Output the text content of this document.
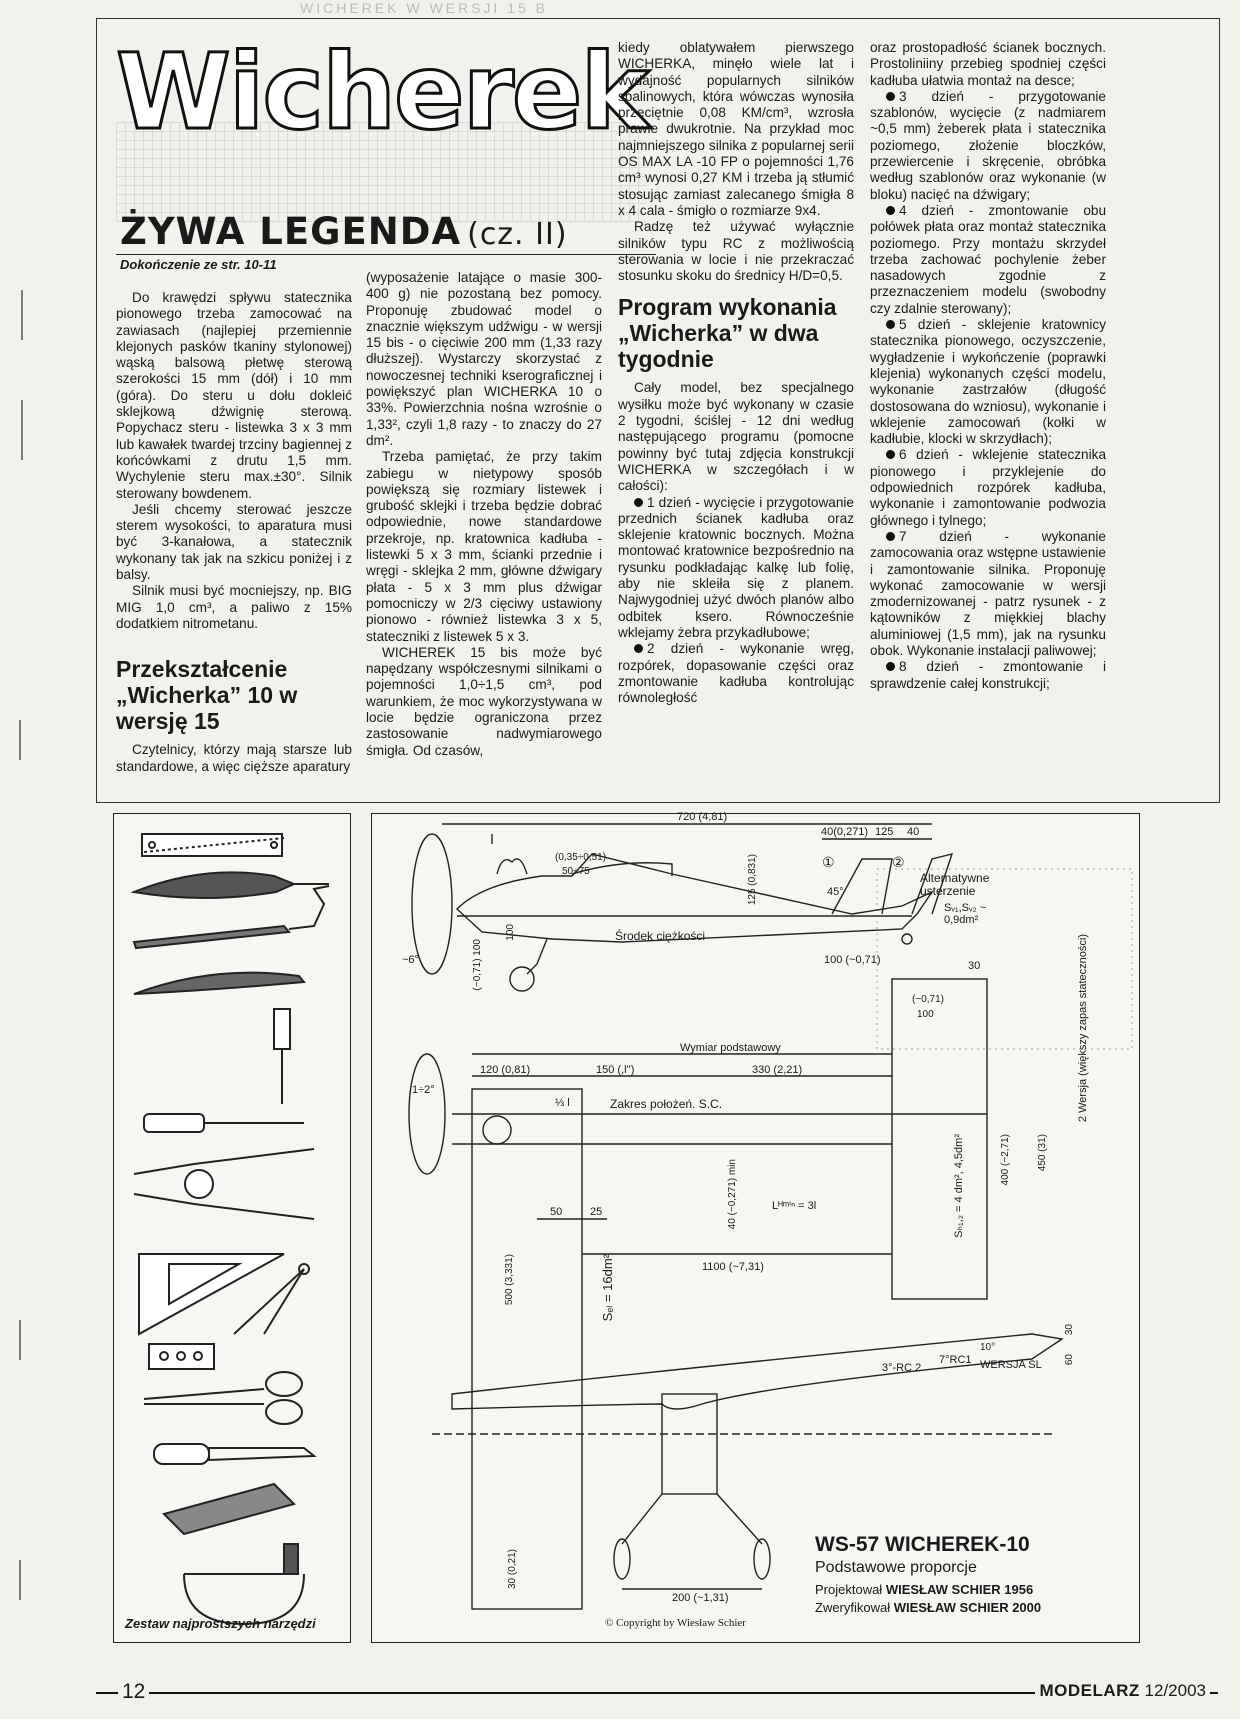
WICHEREK W WERSJI 15 B
Wicherek
ŻYWA LEGENDA (cz. II)
Dokończenie ze str. 10-11

Do krawędzi spływu statecznika pionowego trzeba zamocować na zawiasach (najlepiej przemiennie klejonych pasków tkaniny stylonowej) wąską balsową płetwę sterową szerokości 15 mm (dół) i 10 mm (góra). Do steru u dołu dokleić sklejkową dźwignię sterową. Popychacz steru - listewka 3 x 3 mm lub kawałek twardej trzciny bagiennej z końcówkami z drutu 1,5 mm. Wychylenie steru max.±30°. Silnik sterowany bowdenem.

Jeśli chcemy sterować jeszcze sterem wysokości, to aparatura musi być 3-kanałowa, a statecznik wykonany tak jak na szkicu poniżej i z balsy.

Silnik musi być mocniejszy, np. BIG MIG 1,0 cm³, a paliwo z 15% dodatkiem nitrometanu.

Przekształcenie „Wicherka” 10 w wersję 15

Czytelnicy, którzy mają starsze lub standardowe, a więc cięższe aparatury

(wyposażenie latające o masie 300-400 g) nie pozostaną bez pomocy. Proponuję zbudować model o znacznie większym udźwigu - w wersji 15 bis - o cięciwie 200 mm (1,33 razy dłuższej). Wystarczy skorzystać z nowoczesnej techniki kserograficznej i powiększyć plan WICHERKA 10 o 33%. Powierzchnia nośna wzrośnie o 1,33², czyli 1,8 razy - to znaczy do 27 dm².

Trzeba pamiętać, że przy takim zabiegu w nietypowy sposób powiększą się rozmiary listewek i grubość sklejki i trzeba będzie dobrać odpowiednie, nowe standardowe przekroje, np. kratownica kadłuba - listewki 5 x 3 mm, ścianki przednie i wręgi - sklejka 2 mm, główne dźwigary płata - 5 x 3 mm plus dźwigar pomocniczy w 2/3 cięciwy ustawiony pionowo - również listewka 3 x 5, stateczniki z listewek 5 x 3.

WICHEREK 15 bis może być napędzany współczesnymi silnikami o pojemności 1,0÷1,5 cm³, pod warunkiem, że moc wykorzystywana w locie będzie ograniczona przez zastosowanie nadwymiarowego śmigła. Od czasów,

kiedy oblatywałem pierwszego WICHERKA, minęło wiele lat i wydajność popularnych silników spalinowych, która wówczas wynosiła przeciętnie 0,08 KM/cm³, wzrosła prawie dwukrotnie. Na przykład moc najmniejszego silnika z popularnej serii OS MAX LA -10 FP o pojemności 1,76 cm³ wynosi 0,27 KM i trzeba ją stłumić stosując zamiast zalecanego śmigła 8 x 4 cala - śmigło o rozmiarze 9x4.

Radzę też używać wyłącznie silników typu RC z możliwością sterowania w locie i nie przekraczać stosunku skoku do średnicy H/D=0,5.

Program wykonania „Wicherka” w dwa tygodnie

Cały model, bez specjalnego wysiłku może być wykonany w czasie 2 tygodni, ściślej - 12 dni według następującego programu (pomocne powinny być tutaj zdjęcia konstrukcji WICHERKA w szczegółach i w całości):

1 dzień - wycięcie i przygotowanie przednich ścianek kadłuba oraz sklejenie kratownic bocznych. Można montować kratownice bezpośrednio na rysunku podkładając kalkę lub folię, aby nie skleiła się z planem. Najwygodniej użyć dwóch planów albo odbitek ksero. Równocześnie wklejamy żebra przykadłubowe;

2 dzień - wykonanie wręg, rozpórek, dopasowanie części oraz zmontowanie kadłuba kontrolując równoległość

oraz prostopadłość ścianek bocznych. Prostoliniiny przebieg spodniej części kadłuba ułatwia montaż na desce;

3 dzień - przygotowanie szablonów, wycięcie (z nadmiarem ~0,5 mm) żeberek płata i statecznika poziomego, złożenie bloczków, przewiercenie i skręcenie, obróbka według szablonów oraz wykonanie (w bloku) nacięć na dźwigary;

4 dzień - zmontowanie obu połówek płata oraz montaż statecznika poziomego. Przy montażu skrzydeł trzeba zachować pochylenie żeber nasadowych zgodnie z przeznaczeniem modelu (swobodny czy zdalnie sterowany);

5 dzień - sklejenie kratownicy statecznika pionowego, oczyszczenie, wygładzenie i wykończenie (poprawki klejenia) wykonanych części modelu, wykonanie zastrzałów (długość dostosowana do wzniosu), wykonanie i wklejenie zamocowań (kołki w kadłubie, klocki w skrzydłach);

6 dzień - wklejenie statecznika pionowego i przyklejenie do odpowiednich rozpórek kadłuba, wykonanie i zamontowanie podwozia głównego i tylnego;

7 dzień - wykonanie zamocowania oraz wstępne ustawienie i zamontowanie silnika. Proponuję wykonać zamocowanie w wersji zmodernizowanej - patrz rysunek - z kątowników z miękkiej blachy aluminiowej (1,5 mm), jak na rysunku obok. Wykonanie instalacji paliwowej;

8 dzień - zmontowanie i sprawdzenie całej konstrukcji;

Zestaw najprostszych narzędzi
720 (4,81)
40(0,271) 125 40
(0,35÷0,51)
50÷75	125 (0,831)	45°
Alternatywne usterzenie
Sᵥ₁,Sᵥ₂ ~ 0,9dm²
Środek ciężkości
100 (~0,71)	30
100
(~0,71) 100
~6°
Wymiar podstawowy
120 (0,81)	150 (,l'')	330 (2,21)
1÷2°
⅓ l	Zakres położeń. S.C.
50	25	40 (~0,271) min	Lᴴᵐⁱⁿ = 3l
1100 (~7,31)
500 (3,331)	Sₑₗ = 16dm²
(~0,71)
100
Sₕ₁,₂ = 4 dm², 4,5dm²	400 (~2,71)	450 (31)
2 Wersja (większy zapas stateczności)
3°-RC 2
7°RC1
10°
WERSJA SL
30
60
30 (0,21)
200 (~1,31)
①	②
© Copyright by Wiesław Schier
WS-57 WICHEREK-10
Podstawowe proporcje
Projektował WIESŁAW SCHIER 1956
Zweryfikował WIESŁAW SCHIER 2000
12	MODELARZ 12/2003
